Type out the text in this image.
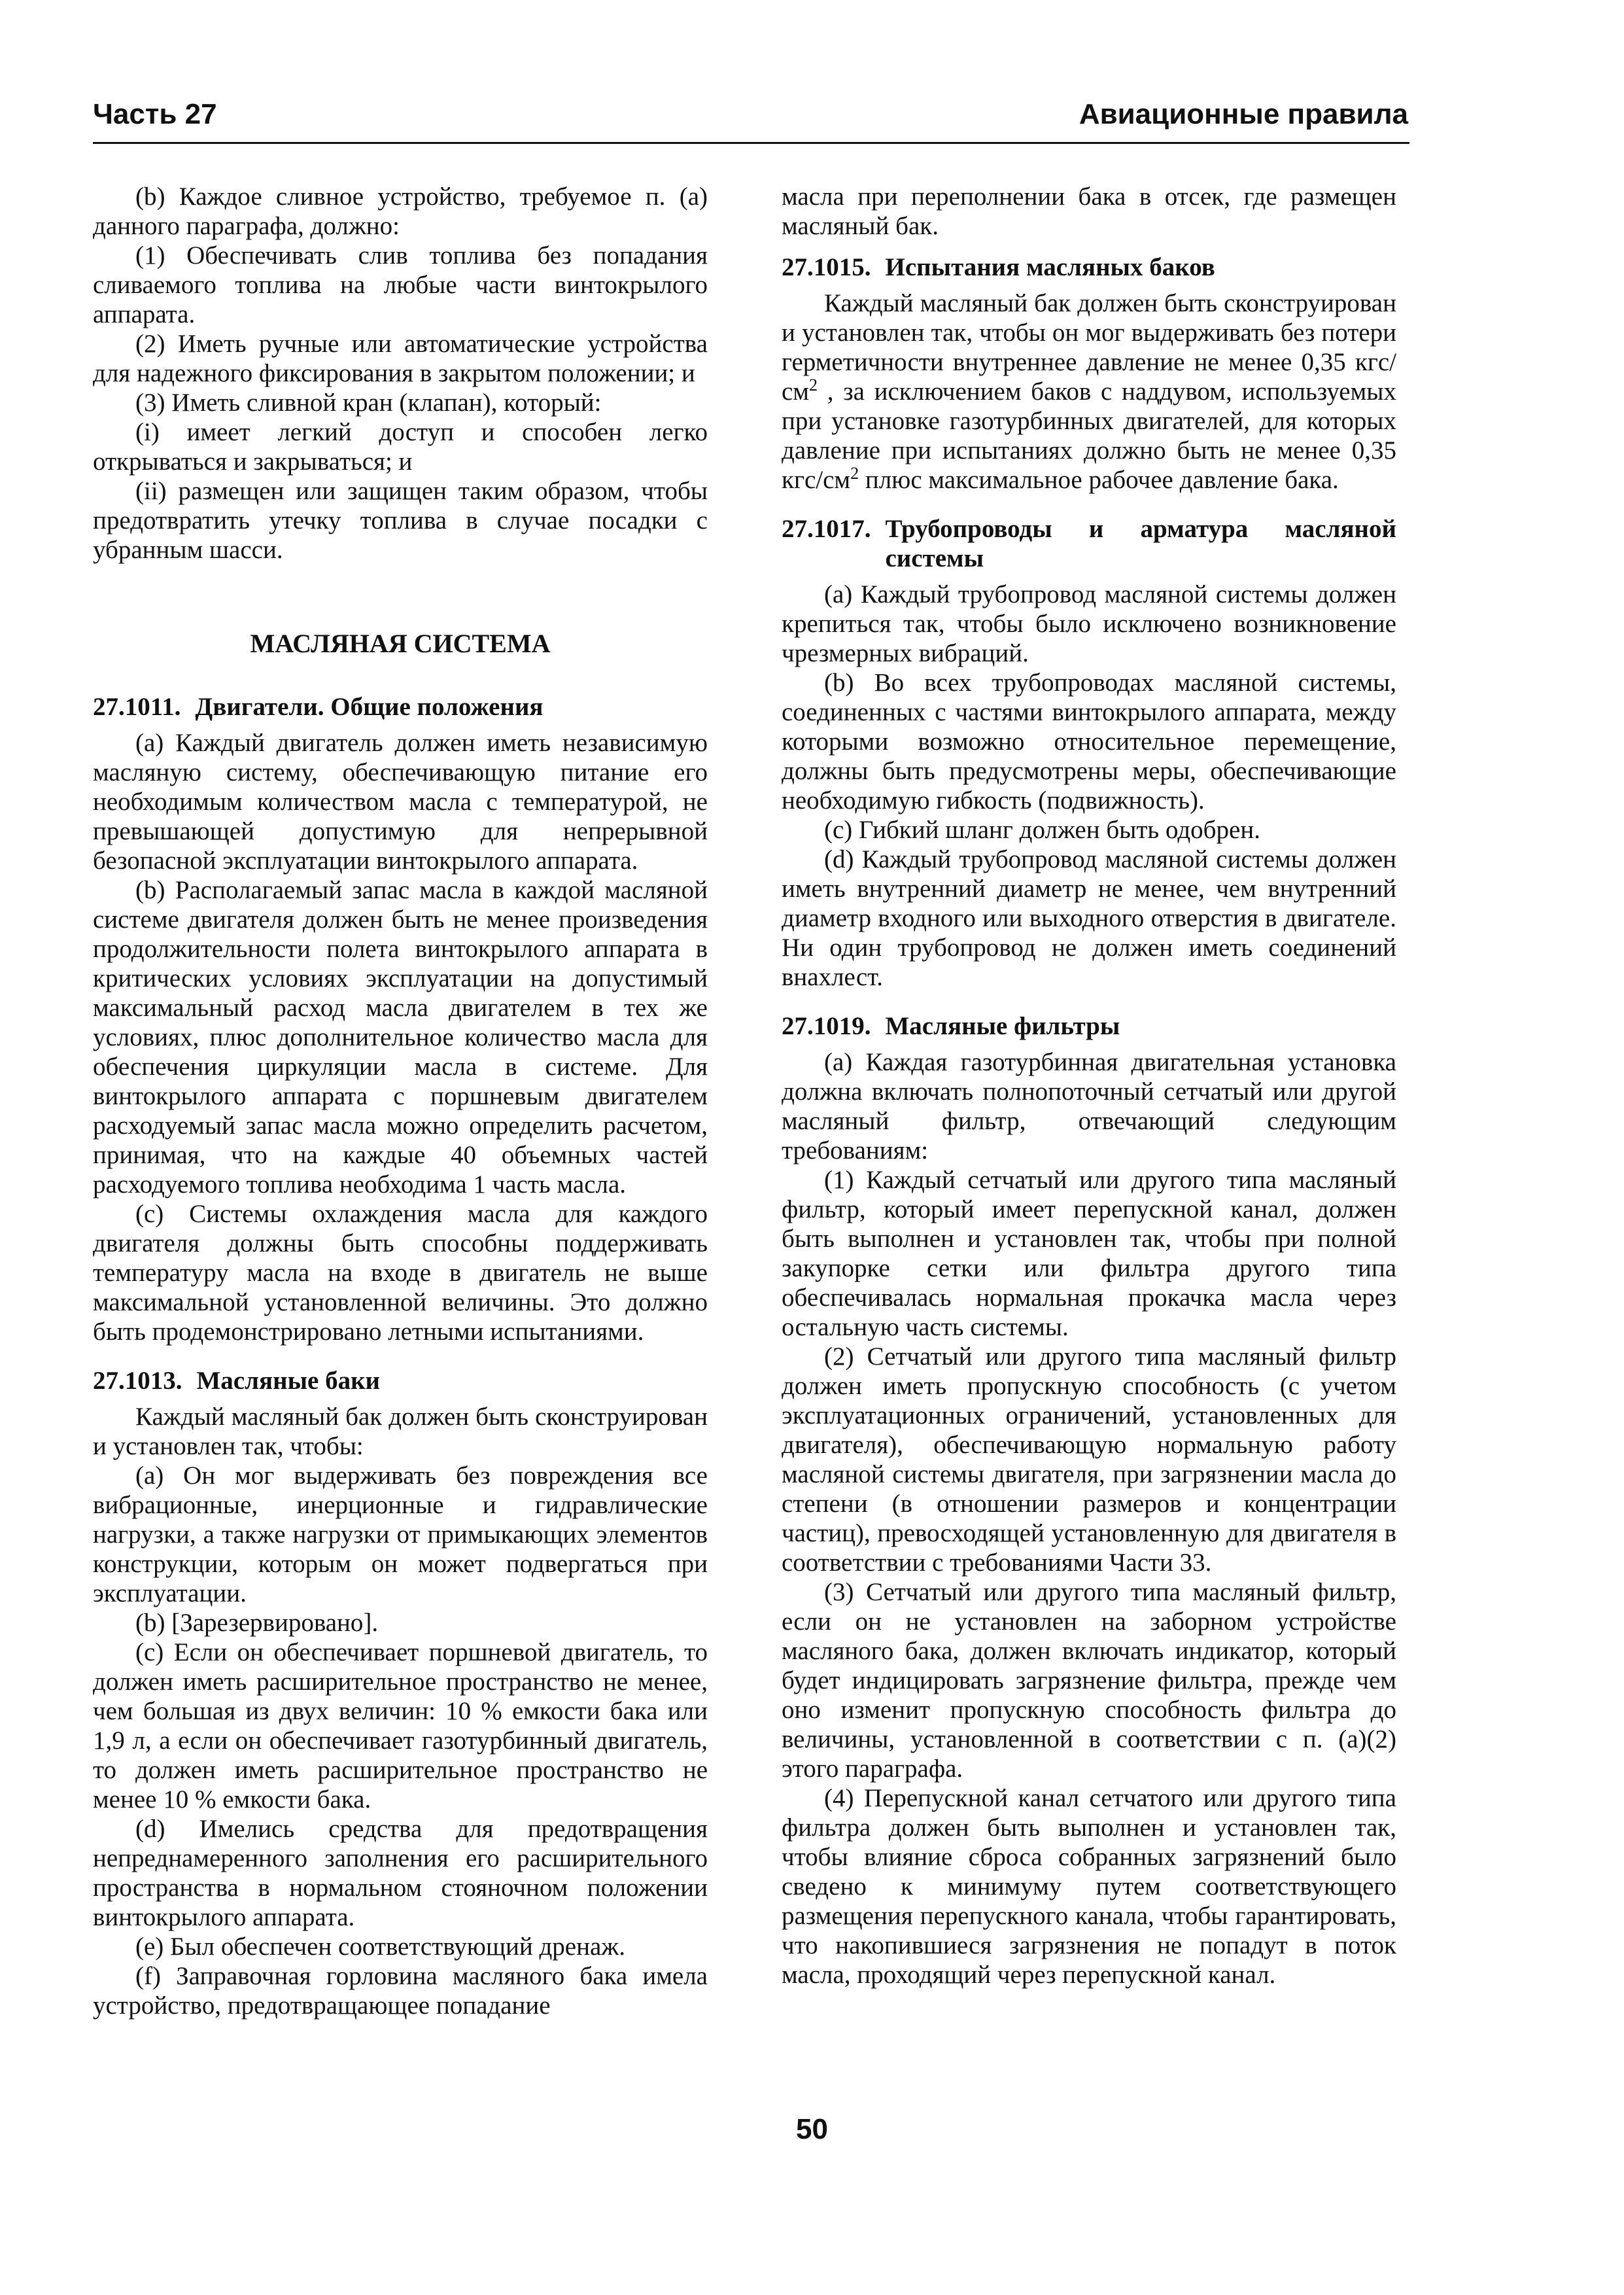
Часть 27	Авиационные правила

(b) Каждое сливное устройство, требуемое п. (а) данного параграфа, должно:

(1) Обеспечивать слив топлива без попадания сливаемого топлива на любые части винтокрылого аппарата.

(2) Иметь ручные или автоматические устройства для надежного фиксирования в закрытом положении; и

(3) Иметь сливной кран (клапан), который:

(i) имеет легкий доступ и способен легко открываться и закрываться; и

(ii) размещен или защищен таким образом, чтобы предотвратить утечку топлива в случае посадки с убранным шасси.

МАСЛЯНАЯ СИСТЕМА
27.1011. Двигатели. Общие положения

(а) Каждый двигатель должен иметь независимую масляную систему, обеспечивающую питание его необходимым количеством масла с температурой, не превышающей допустимую для непрерывной безопасной эксплуатации винтокрылого аппарата.

(b) Располагаемый запас масла в каждой масляной системе двигателя должен быть не менее произведения продолжительности полета винтокрылого аппарата в критических условиях эксплуатации на допустимый максимальный расход масла двигателем в тех же условиях, плюс дополнительное количество масла для обеспечения циркуляции масла в системе. Для винтокрылого аппарата с поршневым двигателем расходуемый запас масла можно определить расчетом, принимая, что на каждые 40 объемных частей расходуемого топлива необходима 1 часть масла.

(с) Системы охлаждения масла для каждого двигателя должны быть способны поддерживать температуру масла на входе в двигатель не выше максимальной установленной величины. Это должно быть продемонстрировано летными испытаниями.

27.1013. Масляные баки

Каждый масляный бак должен быть сконструирован и установлен так, чтобы:

(а) Он мог выдерживать без повреждения все вибрационные, инерционные и гидравлические нагрузки, а также нагрузки от примыкающих элементов конструкции, которым он может подвергаться при эксплуатации.

(b) [Зарезервировано].

(с) Если он обеспечивает поршневой двигатель, то должен иметь расширительное пространство не менее, чем большая из двух величин: 10 % емкости бака или 1,9 л, а если он обеспечивает газотурбинный двигатель, то должен иметь расширительное пространство не менее 10 % емкости бака.

(d) Имелись средства для предотвращения непреднамеренного заполнения его расширительного пространства в нормальном стояночном положении винтокрылого аппарата.

(е) Был обеспечен соответствующий дренаж.

(f) Заправочная горловина масляного бака имела устройство, предотвращающее попадание

масла при переполнении бака в отсек, где размещен масляный бак.

27.1015. Испытания масляных баков

Каждый масляный бак должен быть сконструирован и установлен так, чтобы он мог выдерживать без потери герметичности внутреннее давление не менее 0,35 кгс/$см^2$ , за исключением баков с наддувом, используемых при установке газотурбинных двигателей, для которых давление при испытаниях должно быть не менее 0,35 кгс/$см^2$ плюс максимальное рабочее давление бака.

27.1017. Трубопроводы и арматура масляной системы

(а) Каждый трубопровод масляной системы должен крепиться так, чтобы было исключено возникновение чрезмерных вибраций.

(b) Во всех трубопроводах масляной системы, соединенных с частями винтокрылого аппарата, между которыми возможно относительное перемещение, должны быть предусмотрены меры, обеспечивающие необходимую гибкость (подвижность).

(с) Гибкий шланг должен быть одобрен.

(d) Каждый трубопровод масляной системы должен иметь внутренний диаметр не менее, чем внутренний диаметр входного или выходного отверстия в двигателе. Ни один трубопровод не должен иметь соединений внахлест.

27.1019. Масляные фильтры

(а) Каждая газотурбинная двигательная установка должна включать полнопоточный сетчатый или другой масляный фильтр, отвечающий следующим требованиям:

(1) Каждый сетчатый или другого типа масляный фильтр, который имеет перепускной канал, должен быть выполнен и установлен так, чтобы при полной закупорке сетки или фильтра другого типа обеспечивалась нормальная прокачка масла через остальную часть системы.

(2) Сетчатый или другого типа масляный фильтр должен иметь пропускную способность (с учетом эксплуатационных ограничений, установленных для двигателя), обеспечивающую нормальную работу масляной системы двигателя, при загрязнении масла до степени (в отношении размеров и концентрации частиц), превосходящей установленную для двигателя в соответствии с требованиями Части 33.

(3) Сетчатый или другого типа масляный фильтр, если он не установлен на заборном устройстве масляного бака, должен включать индикатор, который будет индицировать загрязнение фильтра, прежде чем оно изменит пропускную способность фильтра до величины, установленной в соответствии с п. (а)(2) этого параграфа.

(4) Перепускной канал сетчатого или другого типа фильтра должен быть выполнен и установлен так, чтобы влияние сброса собранных загрязнений было сведено к минимуму путем соответствующего размещения перепускного канала, чтобы гарантировать, что накопившиеся загрязнения не попадут в поток масла, проходящий через перепускной канал.

50
